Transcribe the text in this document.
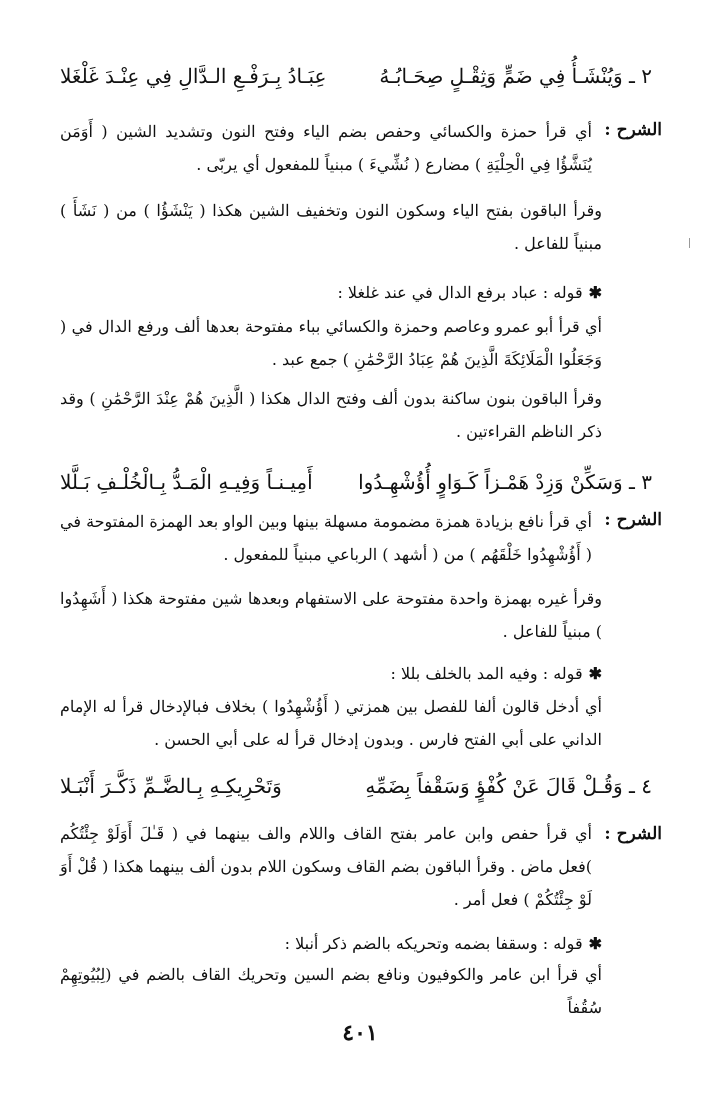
٢ ـ وَيُنْشَـأُ فِي ضَمٍّ وَثِقْـلٍ صِحَـابُـهُ
عِبَـادُ بِـرَفْـعِ الـدَّالِ فِي عِنْـدَ غَلْغَلا
الشرح :
أي قرأ حمزة والكسائي وحفص بضم الياء وفتح النون وتشديد الشين ( أَوَمَن يُنَشَّؤُا فِي الْحِلْيَةِ ) مضارع ( نُشِّيءَ ) مبنياً للمفعول أي يربّى .
وقرأ الباقون بفتح الياء وسكون النون وتخفيف الشين هكذا ( يَنْشَؤُا ) من ( نَشَأَ ) مبنياً للفاعل .
✱قوله : عباد برفع الدال في عند غلغلا :
أي قرأ أبو عمرو وعاصم وحمزة والكسائي بباء مفتوحة بعدها ألف ورفع الدال في ( وَجَعَلُوا الْمَلَائِكَةَ الَّذِينَ هُمْ عِبَادُ الرَّحْمَٰنِ ) جمع عبد .
وقرأ الباقون بنون ساكنة بدون ألف وفتح الدال هكذا ( الَّذِينَ هُمْ عِنْدَ الرَّحْمَٰنِ ) وقد ذكر الناظم القراءتين .
٣ ـ وَسَكِّنْ وَزِدْ هَمْـزاً كَـوَاوٍ أُؤُشْهِـدُوا
أَمِيـنـاً وَفِيـهِ الْمَـدُّ بِـالْخُلْـفِ بَـلَّلا
الشرح :
أي قرأ نافع بزيادة همزة مضمومة مسهلة بينها وبين الواو بعد الهمزة المفتوحة في ( أَؤُشْهِدُوا خَلْقَهُم ) من ( أشهد ) الرباعي مبنياً للمفعول .
وقرأ غيره بهمزة واحدة مفتوحة على الاستفهام وبعدها شين مفتوحة هكذا ( أَشَهِدُوا ) مبنياً للفاعل .
✱قوله : وفيه المد بالخلف بللا :
أي أدخل قالون ألفا للفصل بين همزتي ( أَؤُشْهِدُوا ) بخلاف فبالإدخال قرأ له الإمام الداني على أبي الفتح فارس . وبدون إدخال قرأ له على أبي الحسن .
٤ ـ وَقُـلْ قَالَ عَنْ كُفْؤٍ وَسَقْفاً بِضَمِّهِ
وَتَحْرِيكِـهِ بِـالضَّـمِّ ذَكَّـرَ أَنْبَـلا
الشرح :
أي قرأ حفص وابن عامر بفتح القاف واللام والف بينهما في ( قَـٰلَ أَوَلَوْ جِئْتُكُم )فعل ماض . وقرأ الباقون بضم القاف وسكون اللام بدون ألف بينهما هكذا ( قُلْ أَوَ لَوْ جِئْتُكُمْ ) فعل أمر .
✱قوله : وسقفا بضمه وتحريكه بالضم ذكر أنبلا :
أي قرأ ابن عامر والكوفيون ونافع بضم السين وتحريك القاف بالضم في (لِبُيُوتِهِمْ سُقُفاً
٤٠١
